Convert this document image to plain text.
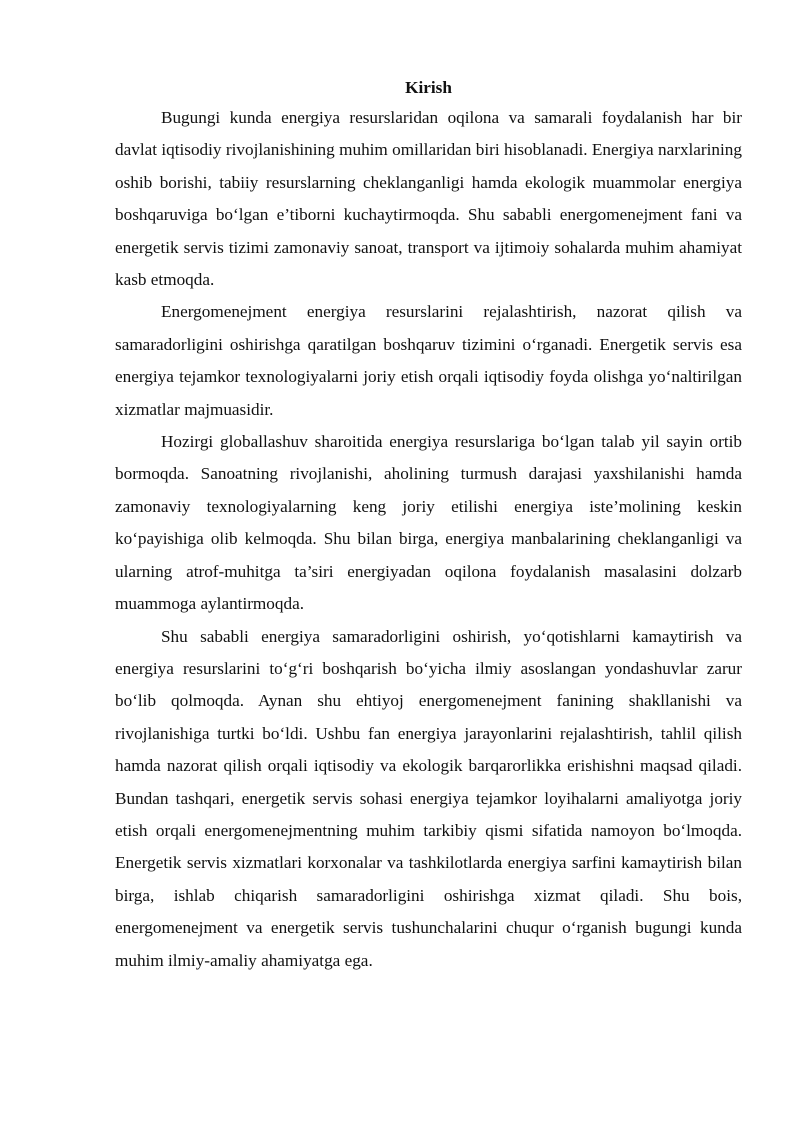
Kirish

Bugungi kunda energiya resurslaridan oqilona va samarali foydalanish har bir davlat iqtisodiy rivojlanishining muhim omillaridan biri hisoblanadi. Energiya narxlarining oshib borishi, tabiiy resurslarning cheklanganligi hamda ekologik muammolar energiya boshqaruviga bo‘lgan e’tiborni kuchaytirmoqda. Shu sababli energomenejment fani va energetik servis tizimi zamonaviy sanoat, transport va ijtimoiy sohalarda muhim ahamiyat kasb etmoqda.

Energomenejment energiya resurslarini rejalashtirish, nazorat qilish va samaradorligini oshirishga qaratilgan boshqaruv tizimini o‘rganadi. Energetik servis esa energiya tejamkor texnologiyalarni joriy etish orqali iqtisodiy foyda olishga yo‘naltirilgan xizmatlar majmuasidir.

Hozirgi globallashuv sharoitida energiya resurslariga bo‘lgan talab yil sayin ortib bormoqda. Sanoatning rivojlanishi, aholining turmush darajasi yaxshilanishi hamda zamonaviy texnologiyalarning keng joriy etilishi energiya iste’molining keskin ko‘payishiga olib kelmoqda. Shu bilan birga, energiya manbalarining cheklanganligi va ularning atrof-muhitga ta’siri energiyadan oqilona foydalanish masalasini dolzarb muammoga aylantirmoqda.

Shu sababli energiya samaradorligini oshirish, yo‘qotishlarni kamaytirish va energiya resurslarini to‘g‘ri boshqarish bo‘yicha ilmiy asoslangan yondashuvlar zarur bo‘lib qolmoqda. Aynan shu ehtiyoj energomenejment fanining shakllanishi va rivojlanishiga turtki bo‘ldi. Ushbu fan energiya jarayonlarini rejalashtirish, tahlil qilish hamda nazorat qilish orqali iqtisodiy va ekologik barqarorlikka erishishni maqsad qiladi. Bundan tashqari, energetik servis sohasi energiya tejamkor loyihalarni amaliyotga joriy etish orqali energomenejmentning muhim tarkibiy qismi sifatida namoyon bo‘lmoqda. Energetik servis xizmatlari korxonalar va tashkilotlarda energiya sarfini kamaytirish bilan birga, ishlab chiqarish samaradorligini oshirishga xizmat qiladi. Shu bois, energomenejment va energetik servis tushunchalarini chuqur o‘rganish bugungi kunda muhim ilmiy-amaliy ahamiyatga ega.
